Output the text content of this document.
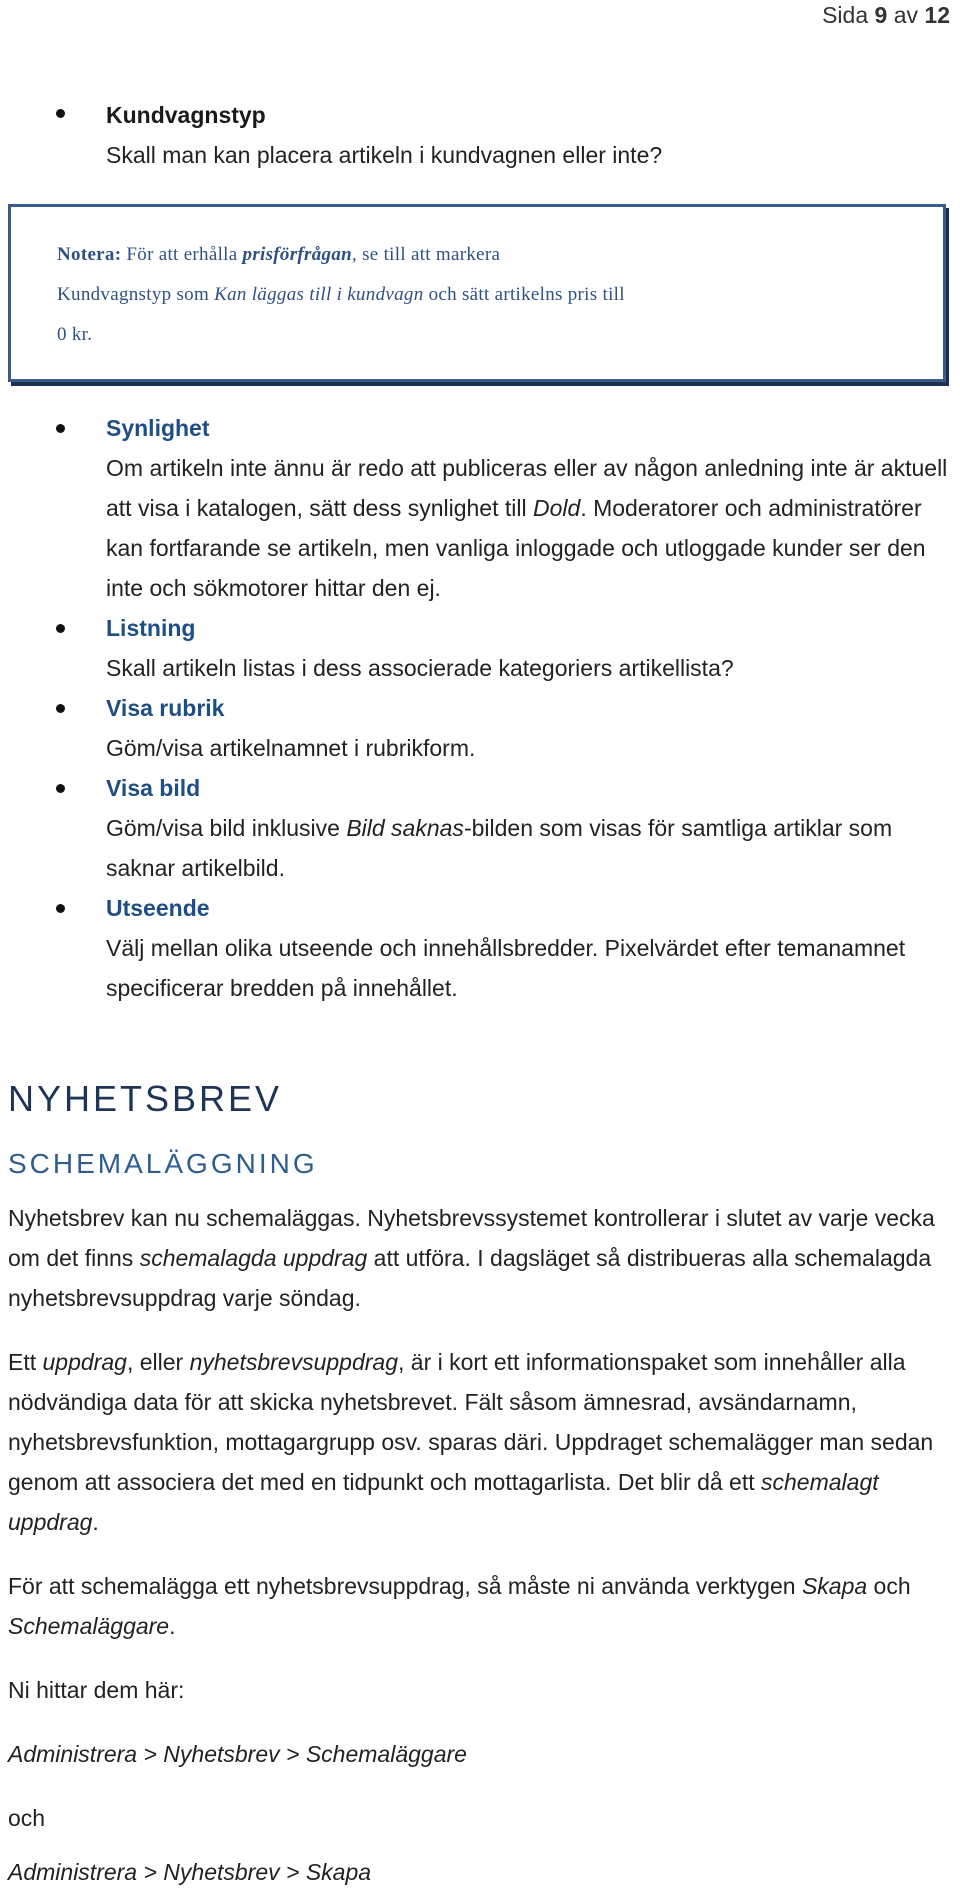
Sida 9 av 12
Kundvagnstyp
Skall man kan placera artikeln i kundvagnen eller inte?
Notera: För att erhålla prisförfrågan, se till att markera
Kundvagnstyp som Kan läggas till i kundvagn och sätt artikelns pris till
0 kr.
Synlighet
Om artikeln inte ännu är redo att publiceras eller av någon anledning inte är aktuell att visa i katalogen, sätt dess synlighet till Dold. Moderatorer och administratörer kan fortfarande se artikeln, men vanliga inloggade och utloggade kunder ser den inte och sökmotorer hittar den ej.
Listning
Skall artikeln listas i dess associerade kategoriers artikellista?
Visa rubrik
Göm/visa artikelnamnet i rubrikform.
Visa bild
Göm/visa bild inklusive Bild saknas-bilden som visas för samtliga artiklar som saknar artikelbild.
Utseende
Välj mellan olika utseende och innehållsbredder. Pixelvärdet efter temanamnet specificerar bredden på innehållet.
NYHETSBREV
SCHEMALÄGGNING

Nyhetsbrev kan nu schemaläggas. Nyhetsbrevssystemet kontrollerar i slutet av varje vecka om det finns schemalagda uppdrag att utföra. I dagsläget så distribueras alla schemalagda nyhetsbrevsuppdrag varje söndag.

Ett uppdrag, eller nyhetsbrevsuppdrag, är i kort ett informationspaket som innehåller alla nödvändiga data för att skicka nyhetsbrevet. Fält såsom ämnesrad, avsändarnamn, nyhetsbrevsfunktion, mottagargrupp osv. sparas däri. Uppdraget schemalägger man sedan genom att associera det med en tidpunkt och mottagarlista. Det blir då ett schemalagt uppdrag.

För att schemalägga ett nyhetsbrevsuppdrag, så måste ni använda verktygen Skapa och Schemaläggare.

Ni hittar dem här:

Administrera > Nyhetsbrev > Schemaläggare

och

Administrera > Nyhetsbrev > Skapa
